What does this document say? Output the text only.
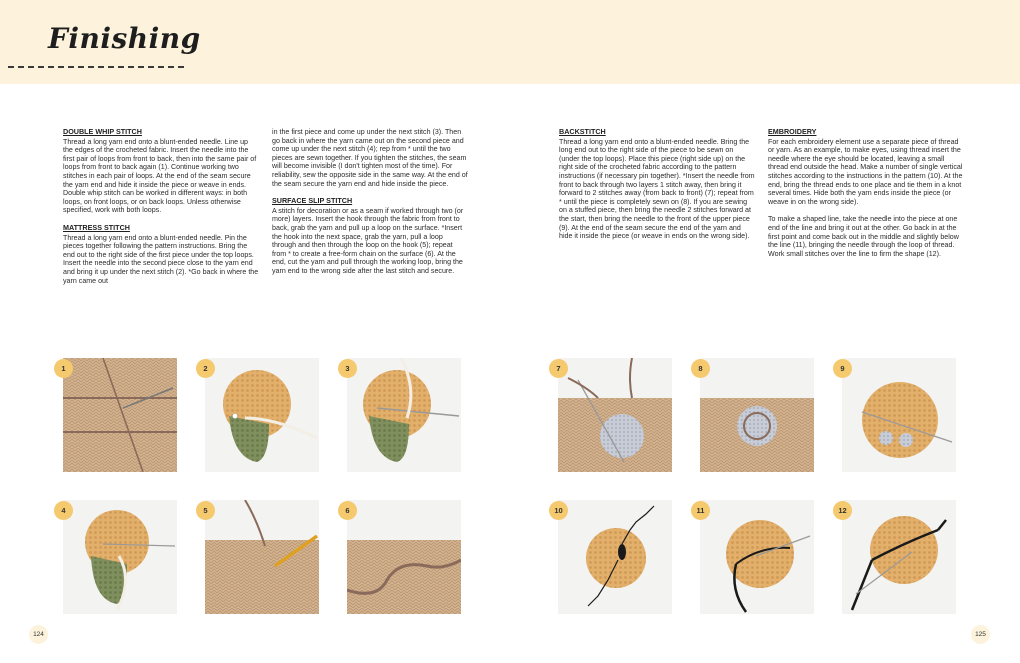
Finishing

DOUBLE WHIP STITCH
Thread a long yarn end onto a blunt-ended needle. Line up the edges of the crocheted fabric. Insert the needle into the first pair of loops from front to back, then into the same pair of loops from front to back again (1). Continue working two stitches in each pair of loops. At the end of the seam secure the yarn end and hide it inside the piece or weave in ends. Double whip stitch can be worked in different ways: in both loops, on front loops, or on back loops. Unless otherwise specified, work with both loops.

MATTRESS STITCH
Thread a long yarn end onto a blunt-ended needle. Pin the pieces together following the pattern instructions. Bring the end out to the right side of the first piece under the top loops. Insert the needle into the second piece close to the yarn end and bring it up under the next stitch (2). *Go back in where the yarn came out

in the first piece and come up under the next stitch (3). Then go back in where the yarn came out on the second piece and come up under the next stitch (4); rep from * until the two pieces are sewn together. If you tighten the stitches, the seam will become invisible (I don't tighten most of the time). For reliability, sew the opposite side in the same way. At the end of the seam secure the yarn end and hide inside the piece.

SURFACE SLIP STITCH
A stitch for decoration or as a seam if worked through two (or more) layers. Insert the hook through the fabric from front to back, grab the yarn and pull up a loop on the surface. *Insert the hook into the next space, grab the yarn, pull a loop through and then through the loop on the hook (5); repeat from * to create a free-form chain on the surface (6). At the end, cut the yarn and pull through the working loop, bring the yarn end to the wrong side after the last stitch and secure.

BACKSTITCH
Thread a long yarn end onto a blunt-ended needle. Bring the long end out to the right side of the piece to be sewn on (under the top loops). Place this piece (right side up) on the right side of the crocheted fabric according to the pattern instructions (if necessary pin together). *Insert the needle from front to back through two layers 1 stitch away, then bring it forward to 2 stitches away (from back to front) (7); repeat from * until the piece is completely sewn on (8). If you are sewing on a stuffed piece, then bring the needle 2 stitches forward at the start, then bring the needle to the front of the upper piece (9). At the end of the seam secure the end of the yarn and hide it inside the piece (or weave in ends on the wrong side).

EMBROIDERY
For each embroidery element use a separate piece of thread or yarn. As an example, to make eyes, using thread insert the needle where the eye should be located, leaving a small thread end outside the head. Make a number of single vertical stitches according to the instructions in the pattern (10). At the end, bring the thread ends to one place and tie them in a knot several times. Hide both the yarn ends inside the piece (or weave in on the wrong side).

To make a shaped line, take the needle into the piece at one end of the line and bring it out at the other. Go back in at the first point and come back out in the middle and slightly below the line (11), bringing the needle through the loop of thread. Work small stitches over the line to firm the shape (12).

1	2	3
4	5	6
7	8	9
10	11	12
124	125
